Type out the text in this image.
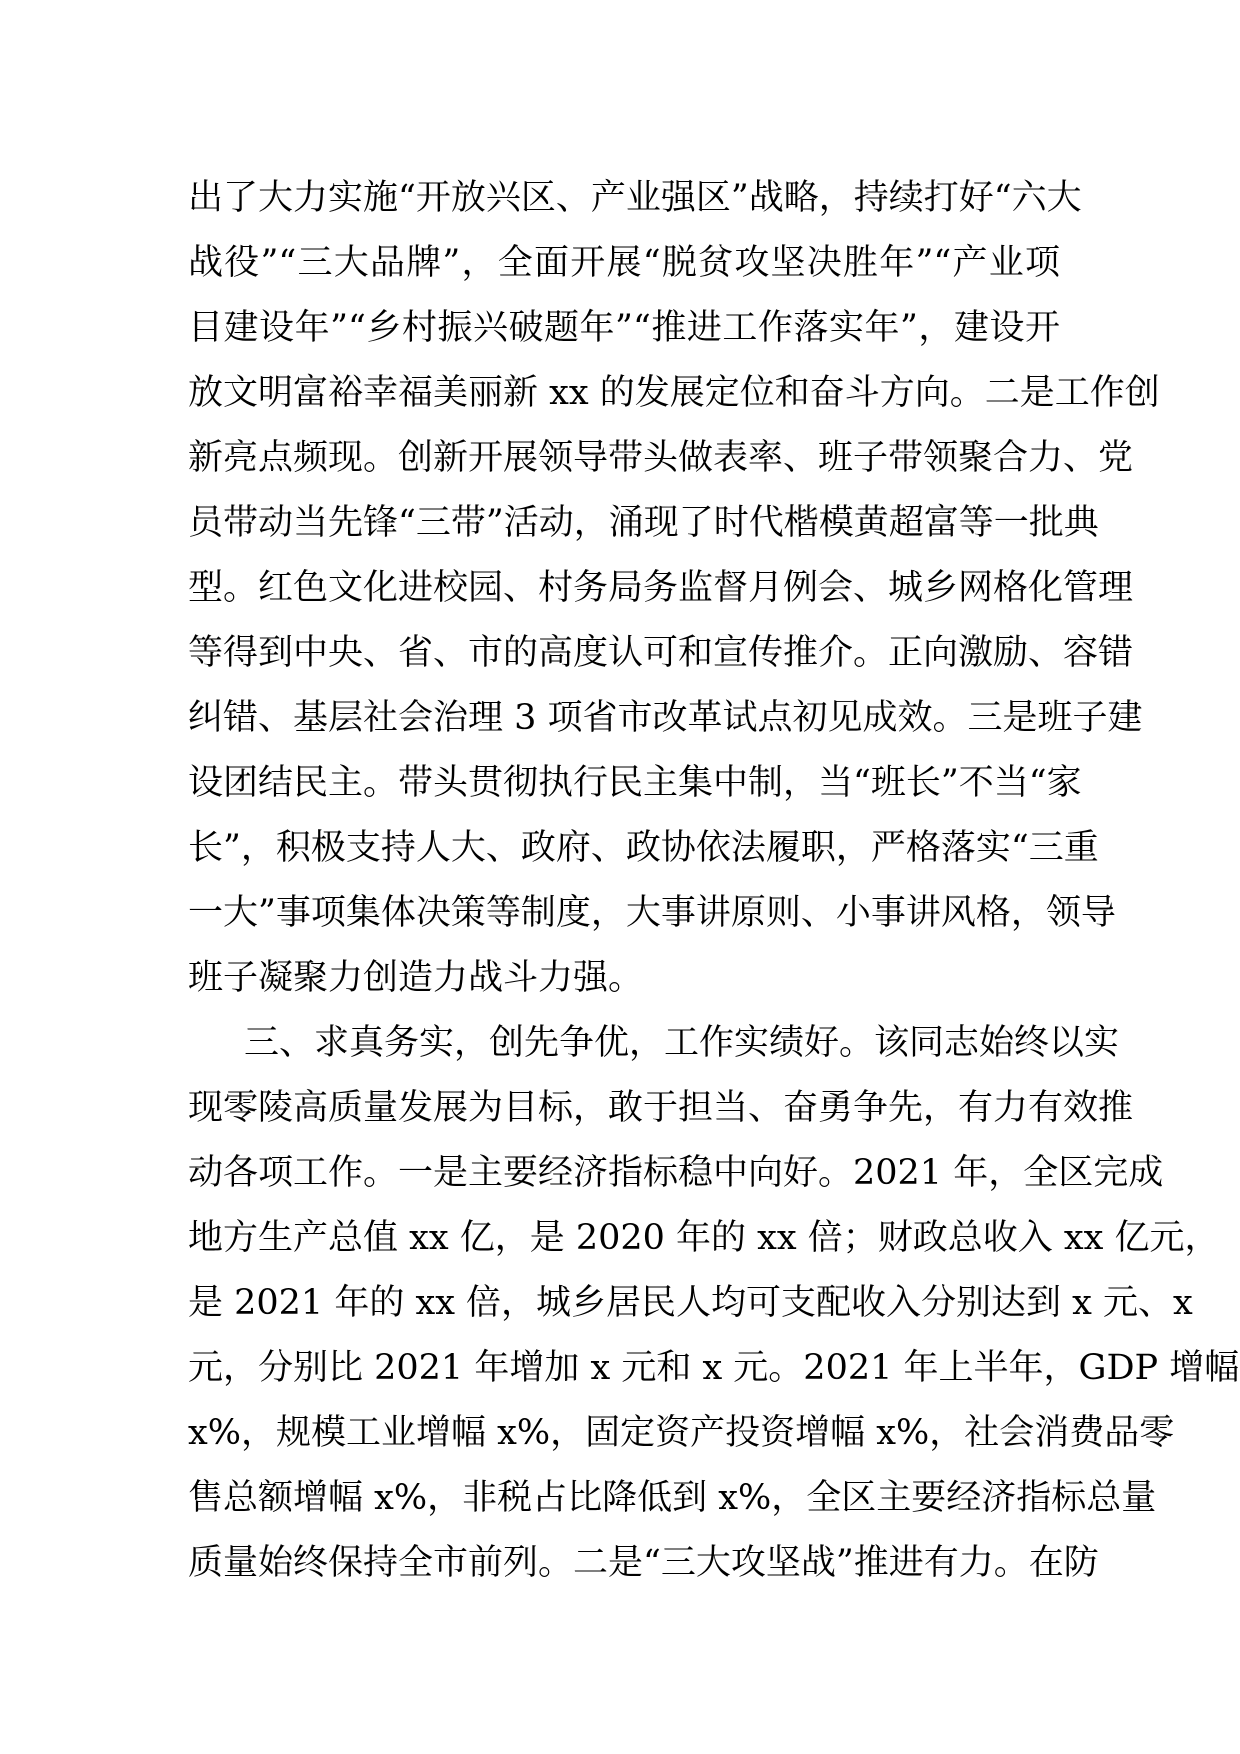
出了大力实施“开放兴区、产业强区”战略，持续打好“六大
战役”“三大品牌”，全面开展“脱贫攻坚决胜年”“产业项
目建设年”“乡村振兴破题年”“推进工作落实年”，建设开
放文明富裕幸福美丽新 xx 的发展定位和奋斗方向。二是工作创
新亮点频现。创新开展领导带头做表率、班子带领聚合力、党
员带动当先锋“三带”活动，涌现了时代楷模黄超富等一批典
型。红色文化进校园、村务局务监督月例会、城乡网格化管理
等得到中央、省、市的高度认可和宣传推介。正向激励、容错
纠错、基层社会治理 3 项省市改革试点初见成效。三是班子建
设团结民主。带头贯彻执行民主集中制，当“班长”不当“家
长”，积极支持人大、政府、政协依法履职，严格落实“三重
一大”事项集体决策等制度，大事讲原则、小事讲风格，领导
班子凝聚力创造力战斗力强。
三、求真务实，创先争优，工作实绩好。该同志始终以实
现零陵高质量发展为目标，敢于担当、奋勇争先，有力有效推
动各项工作。一是主要经济指标稳中向好。2021 年，全区完成
地方生产总值 xx 亿，是 2020 年的 xx 倍；财政总收入 xx 亿元，
是 2021 年的 xx 倍，城乡居民人均可支配收入分别达到 x 元、x
元，分别比 2021 年增加 x 元和 x 元。2021 年上半年，GDP 增幅
x%，规模工业增幅 x%，固定资产投资增幅 x%，社会消费品零
售总额增幅 x%，非税占比降低到 x%，全区主要经济指标总量
质量始终保持全市前列。二是“三大攻坚战”推进有力。在防
